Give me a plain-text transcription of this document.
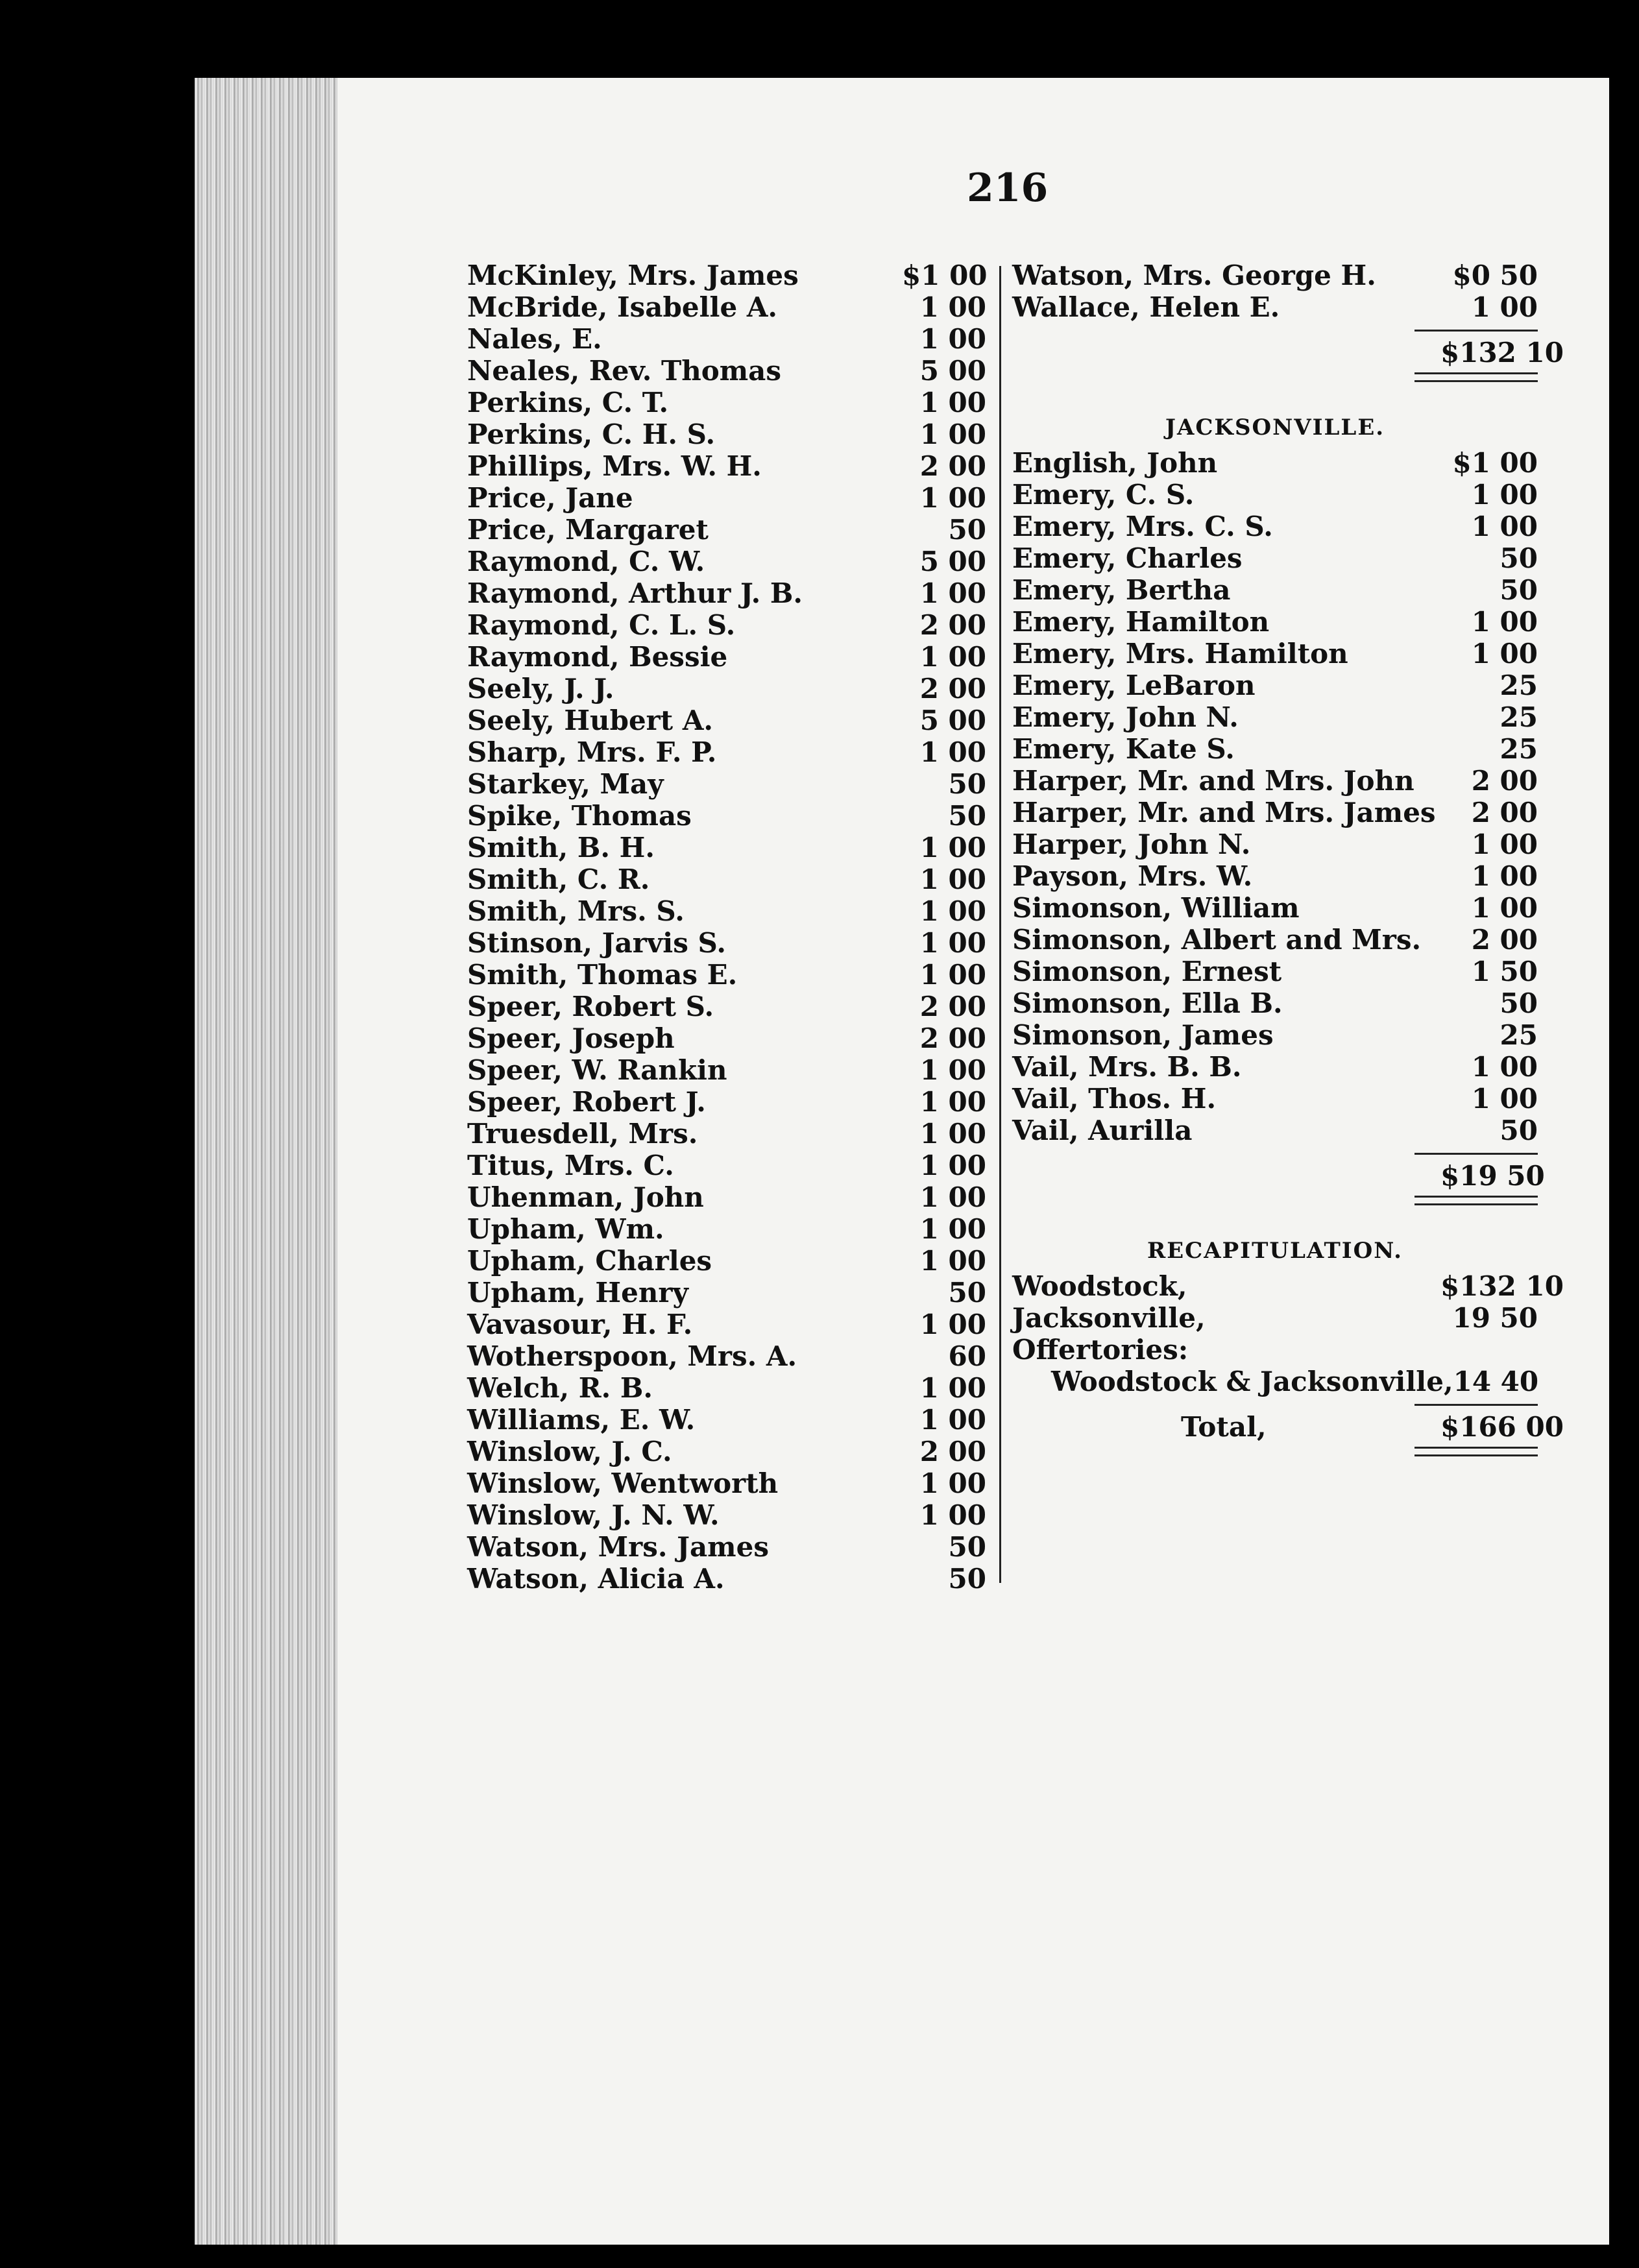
216
McKinley, Mrs. James	$1 00
McBride, Isabelle A.	1 00
Nales, E.	1 00
Neales, Rev. Thomas	5 00
Perkins, C. T.	1 00
Perkins, C. H. S.	1 00
Phillips, Mrs. W. H.	2 00
Price, Jane	1 00
Price, Margaret	50
Raymond, C. W.	5 00
Raymond, Arthur J. B.	1 00
Raymond, C. L. S.	2 00
Raymond, Bessie	1 00
Seely, J. J.	2 00
Seely, Hubert A.	5 00
Sharp, Mrs. F. P.	1 00
Starkey, May	50
Spike, Thomas	50
Smith, B. H.	1 00
Smith, C. R.	1 00
Smith, Mrs. S.	1 00
Stinson, Jarvis S.	1 00
Smith, Thomas E.	1 00
Speer, Robert S.	2 00
Speer, Joseph	2 00
Speer, W. Rankin	1 00
Speer, Robert J.	1 00
Truesdell, Mrs.	1 00
Titus, Mrs. C.	1 00
Uhenman, John	1 00
Upham, Wm.	1 00
Upham, Charles	1 00
Upham, Henry	50
Vavasour, H. F.	1 00
Wotherspoon, Mrs. A.	60
Welch, R. B.	1 00
Williams, E. W.	1 00
Winslow, J. C.	2 00
Winslow, Wentworth	1 00
Winslow, J. N. W.	1 00
Watson, Mrs. James	50
Watson, Alicia A.	50
Watson, Mrs. George H.	$0 50
Wallace, Helen E.	1 00
$132 10
JACKSONVILLE.
English, John	$1 00
Emery, C. S.	1 00
Emery, Mrs. C. S.	1 00
Emery, Charles	50
Emery, Bertha	50
Emery, Hamilton	1 00
Emery, Mrs. Hamilton	1 00
Emery, LeBaron	25
Emery, John N.	25
Emery, Kate S.	25
Harper, Mr. and Mrs. John	2 00
Harper, Mr. and Mrs. James	2 00
Harper, John N.	1 00
Payson, Mrs. W.	1 00
Simonson, William	1 00
Simonson, Albert and Mrs.	2 00
Simonson, Ernest	1 50
Simonson, Ella B.	50
Simonson, James	25
Vail, Mrs. B. B.	1 00
Vail, Thos. H.	1 00
Vail, Aurilla	50
$19 50
RECAPITULATION.
Woodstock,	$132 10
Jacksonville,	19 50
Offertories:
Woodstock & Jacksonville, 14 40
Total,	$166 00
